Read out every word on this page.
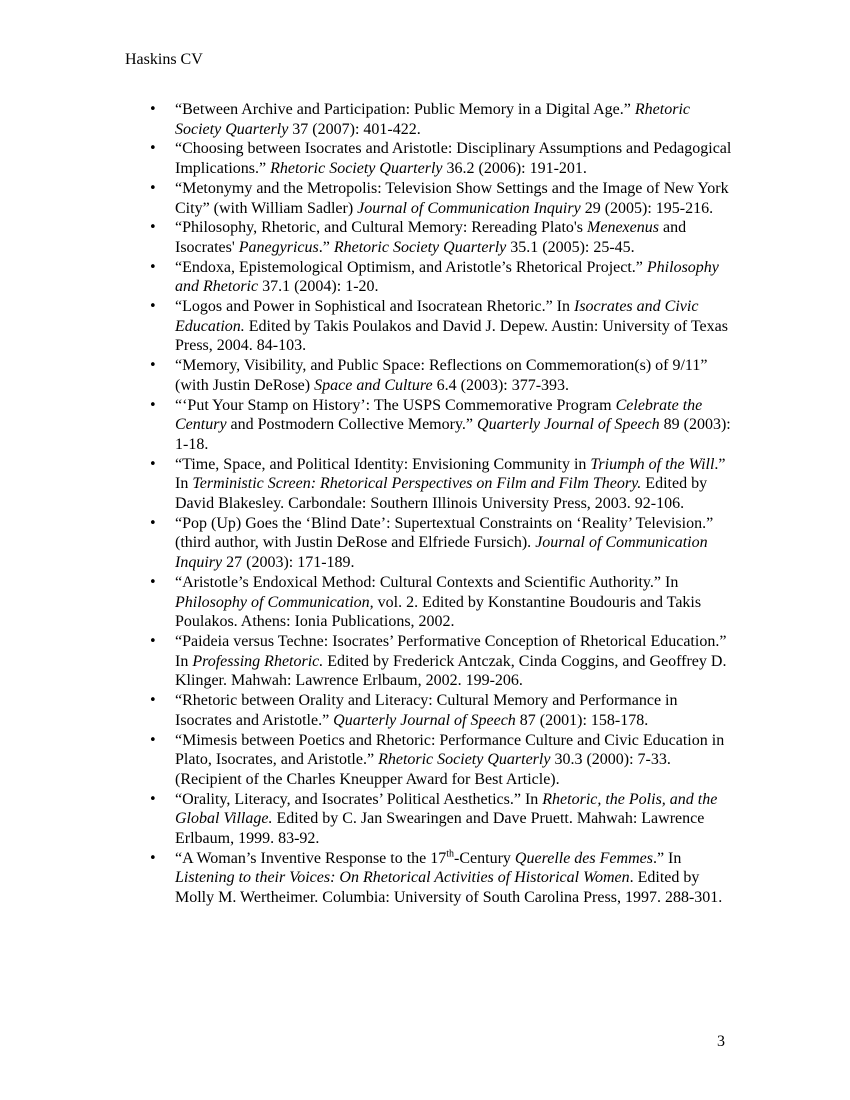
Haskins CV
• “Between Archive and Participation: Public Memory in a Digital Age.” Rhetoric Society Quarterly 37 (2007): 401-422.
• “Choosing between Isocrates and Aristotle: Disciplinary Assumptions and Pedagogical Implications.” Rhetoric Society Quarterly 36.2 (2006): 191-201.
• “Metonymy and the Metropolis: Television Show Settings and the Image of New York City” (with William Sadler) Journal of Communication Inquiry 29 (2005): 195-216.
• “Philosophy, Rhetoric, and Cultural Memory: Rereading Plato's Menexenus and Isocrates' Panegyricus.” Rhetoric Society Quarterly 35.1 (2005): 25-45.
• “Endoxa, Epistemological Optimism, and Aristotle’s Rhetorical Project.” Philosophy and Rhetoric 37.1 (2004): 1-20.
• “Logos and Power in Sophistical and Isocratean Rhetoric.” In Isocrates and Civic Education. Edited by Takis Poulakos and David J. Depew. Austin: University of Texas Press, 2004. 84-103.
• “Memory, Visibility, and Public Space: Reflections on Commemoration(s) of 9/11” (with Justin DeRose) Space and Culture 6.4 (2003): 377-393.
• “‘Put Your Stamp on History’: The USPS Commemorative Program Celebrate the Century and Postmodern Collective Memory.” Quarterly Journal of Speech 89 (2003): 1-18.
• “Time, Space, and Political Identity: Envisioning Community in Triumph of the Will.” In Terministic Screen: Rhetorical Perspectives on Film and Film Theory. Edited by David Blakesley. Carbondale: Southern Illinois University Press, 2003. 92-106.
• “Pop (Up) Goes the ‘Blind Date’: Supertextual Constraints on ‘Reality’ Television.” (third author, with Justin DeRose and Elfriede Fursich). Journal of Communication Inquiry 27 (2003): 171-189.
• “Aristotle’s Endoxical Method: Cultural Contexts and Scientific Authority.” In Philosophy of Communication, vol. 2. Edited by Konstantine Boudouris and Takis Poulakos. Athens: Ionia Publications, 2002.
• “Paideia versus Techne: Isocrates’ Performative Conception of Rhetorical Education.” In Professing Rhetoric. Edited by Frederick Antczak, Cinda Coggins, and Geoffrey D. Klinger. Mahwah: Lawrence Erlbaum, 2002. 199-206.
• “Rhetoric between Orality and Literacy: Cultural Memory and Performance in Isocrates and Aristotle.” Quarterly Journal of Speech 87 (2001): 158-178.
• “Mimesis between Poetics and Rhetoric: Performance Culture and Civic Education in Plato, Isocrates, and Aristotle.” Rhetoric Society Quarterly 30.3 (2000): 7-33. (Recipient of the Charles Kneupper Award for Best Article).
• “Orality, Literacy, and Isocrates’ Political Aesthetics.” In Rhetoric, the Polis, and the Global Village. Edited by C. Jan Swearingen and Dave Pruett. Mahwah: Lawrence Erlbaum, 1999. 83-92.
• “A Woman’s Inventive Response to the 17th-Century Querelle des Femmes.” In Listening to their Voices: On Rhetorical Activities of Historical Women. Edited by Molly M. Wertheimer. Columbia: University of South Carolina Press, 1997. 288-301.
3
